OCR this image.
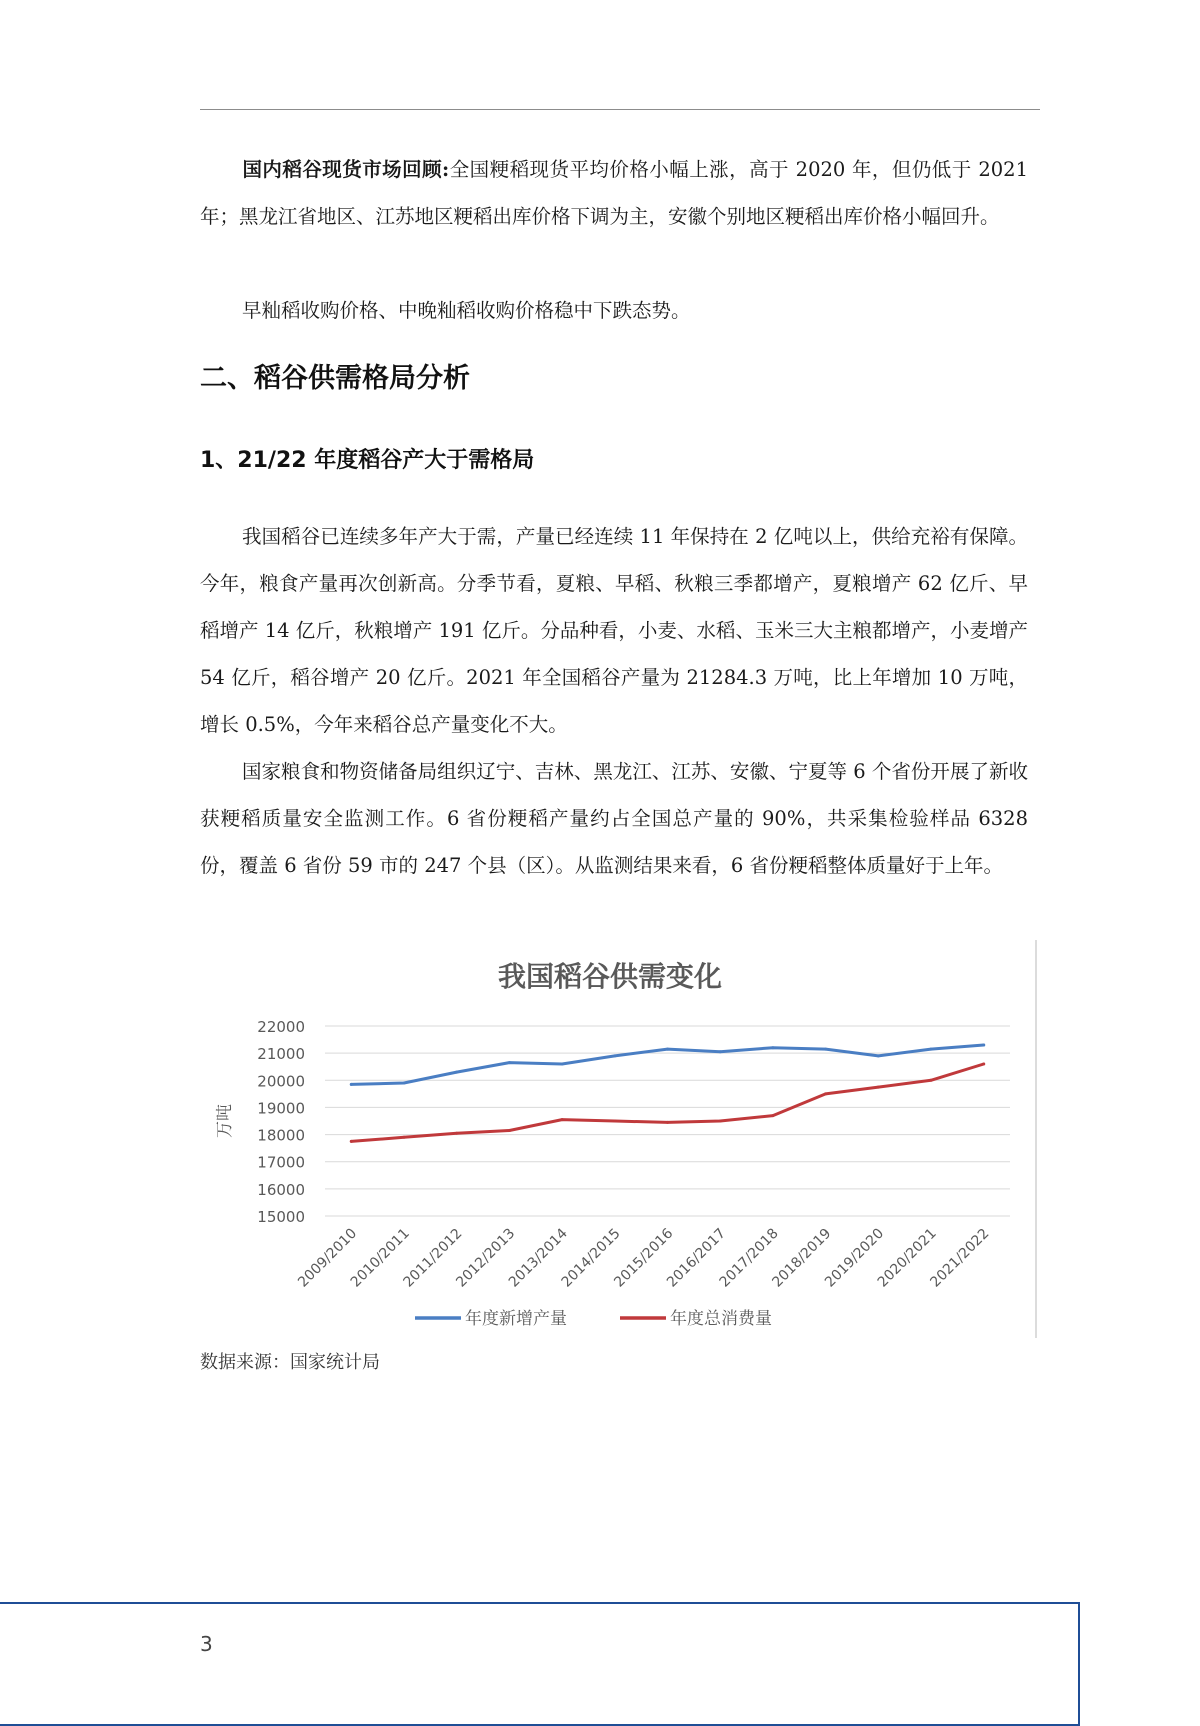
国内稻谷现货市场回顾:全国粳稻现货平均价格小幅上涨，高于 2020 年，但仍低于 2021 年；黑龙江省地区、江苏地区粳稻出库价格下调为主，安徽个别地区粳稻出库价格小幅回升。

早籼稻收购价格、中晚籼稻收购价格稳中下跌态势。

二、稻谷供需格局分析
1、21/22 年度稻谷产大于需格局

我国稻谷已连续多年产大于需，产量已经连续 11 年保持在 2 亿吨以上，供给充裕有保障。今年，粮食产量再次创新高。分季节看，夏粮、早稻、秋粮三季都增产，夏粮增产 62 亿斤、早稻增产 14 亿斤，秋粮增产 191 亿斤。分品种看，小麦、水稻、玉米三大主粮都增产，小麦增产 54 亿斤，稻谷增产 20 亿斤。2021 年全国稻谷产量为 21284.3 万吨，比上年增加 10 万吨，增长 0.5%，今年来稻谷总产量变化不大。

国家粮食和物资储备局组织辽宁、吉林、黑龙江、江苏、安徽、宁夏等 6 个省份开展了新收获粳稻质量安全监测工作。6 省份粳稻产量约占全国总产量的 90%，共采集检验样品 6328 份，覆盖 6 省份 59 市的 247 个县（区）。从监测结果来看，6 省份粳稻整体质量好于上年。

我国稻谷供需变化
22000
21000
20000
19000
18000
17000
16000
15000
万吨
2009/2010
2010/2011
2011/2012
2012/2013
2013/2014
2014/2015
2015/2016
2016/2017
2017/2018
2018/2019
2019/2020
2020/2021
2021/2022
年度新增产量	年度总消费量

数据来源：国家统计局

3
